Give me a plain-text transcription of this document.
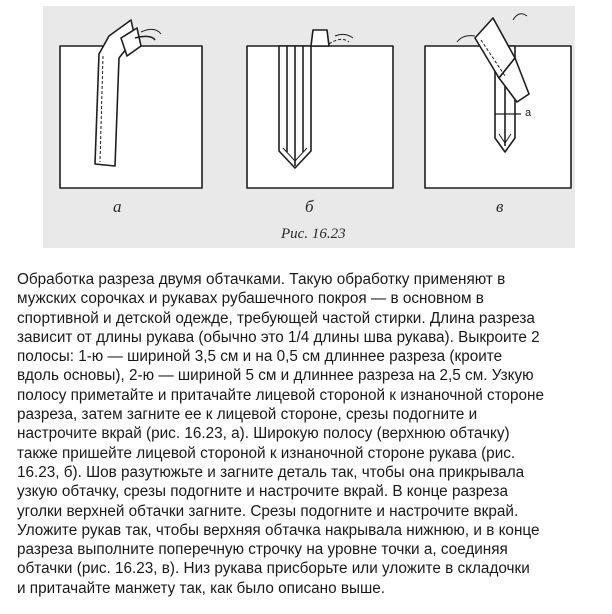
а	б	в
а
Рис. 16.23
Обработка разреза двумя обтачками. Такую обработку применяют в
мужских сорочках и рукавах рубашечного покроя — в основном в
спортивной и детской одежде, требующей частой стирки. Длина разреза
зависит от длины рукава (обычно это 1/4 длины шва рукава). Выкроите 2
полосы: 1-ю — шириной 3,5 см и на 0,5 см длиннее разреза (кроите
вдоль основы), 2-ю — шириной 5 см и длиннее разреза на 2,5 см. Узкую
полосу приметайте и притачайте лицевой стороной к изнаночной стороне
разреза, затем загните ее к лицевой стороне, срезы подогните и
настрочите вкрай (рис. 16.23, а). Широкую полосу (верхнюю обтачку)
также пришейте лицевой стороной к изнаночной стороне рукава (рис.
16.23, б). Шов разутюжьте и загните деталь так, чтобы она прикрывала
узкую обтачку, срезы подогните и настрочите вкрай. В конце разреза
уголки верхней обтачки загните. Срезы подогните и настрочите вкрай.
Уложите рукав так, чтобы верхняя обтачка накрывала нижнюю, и в конце
разреза выполните поперечную строчку на уровне точки а, соединяя
обтачки (рис. 16.23, в). Низ рукава присборьте или уложите в складочки
и притачайте манжету так, как было описано выше.
